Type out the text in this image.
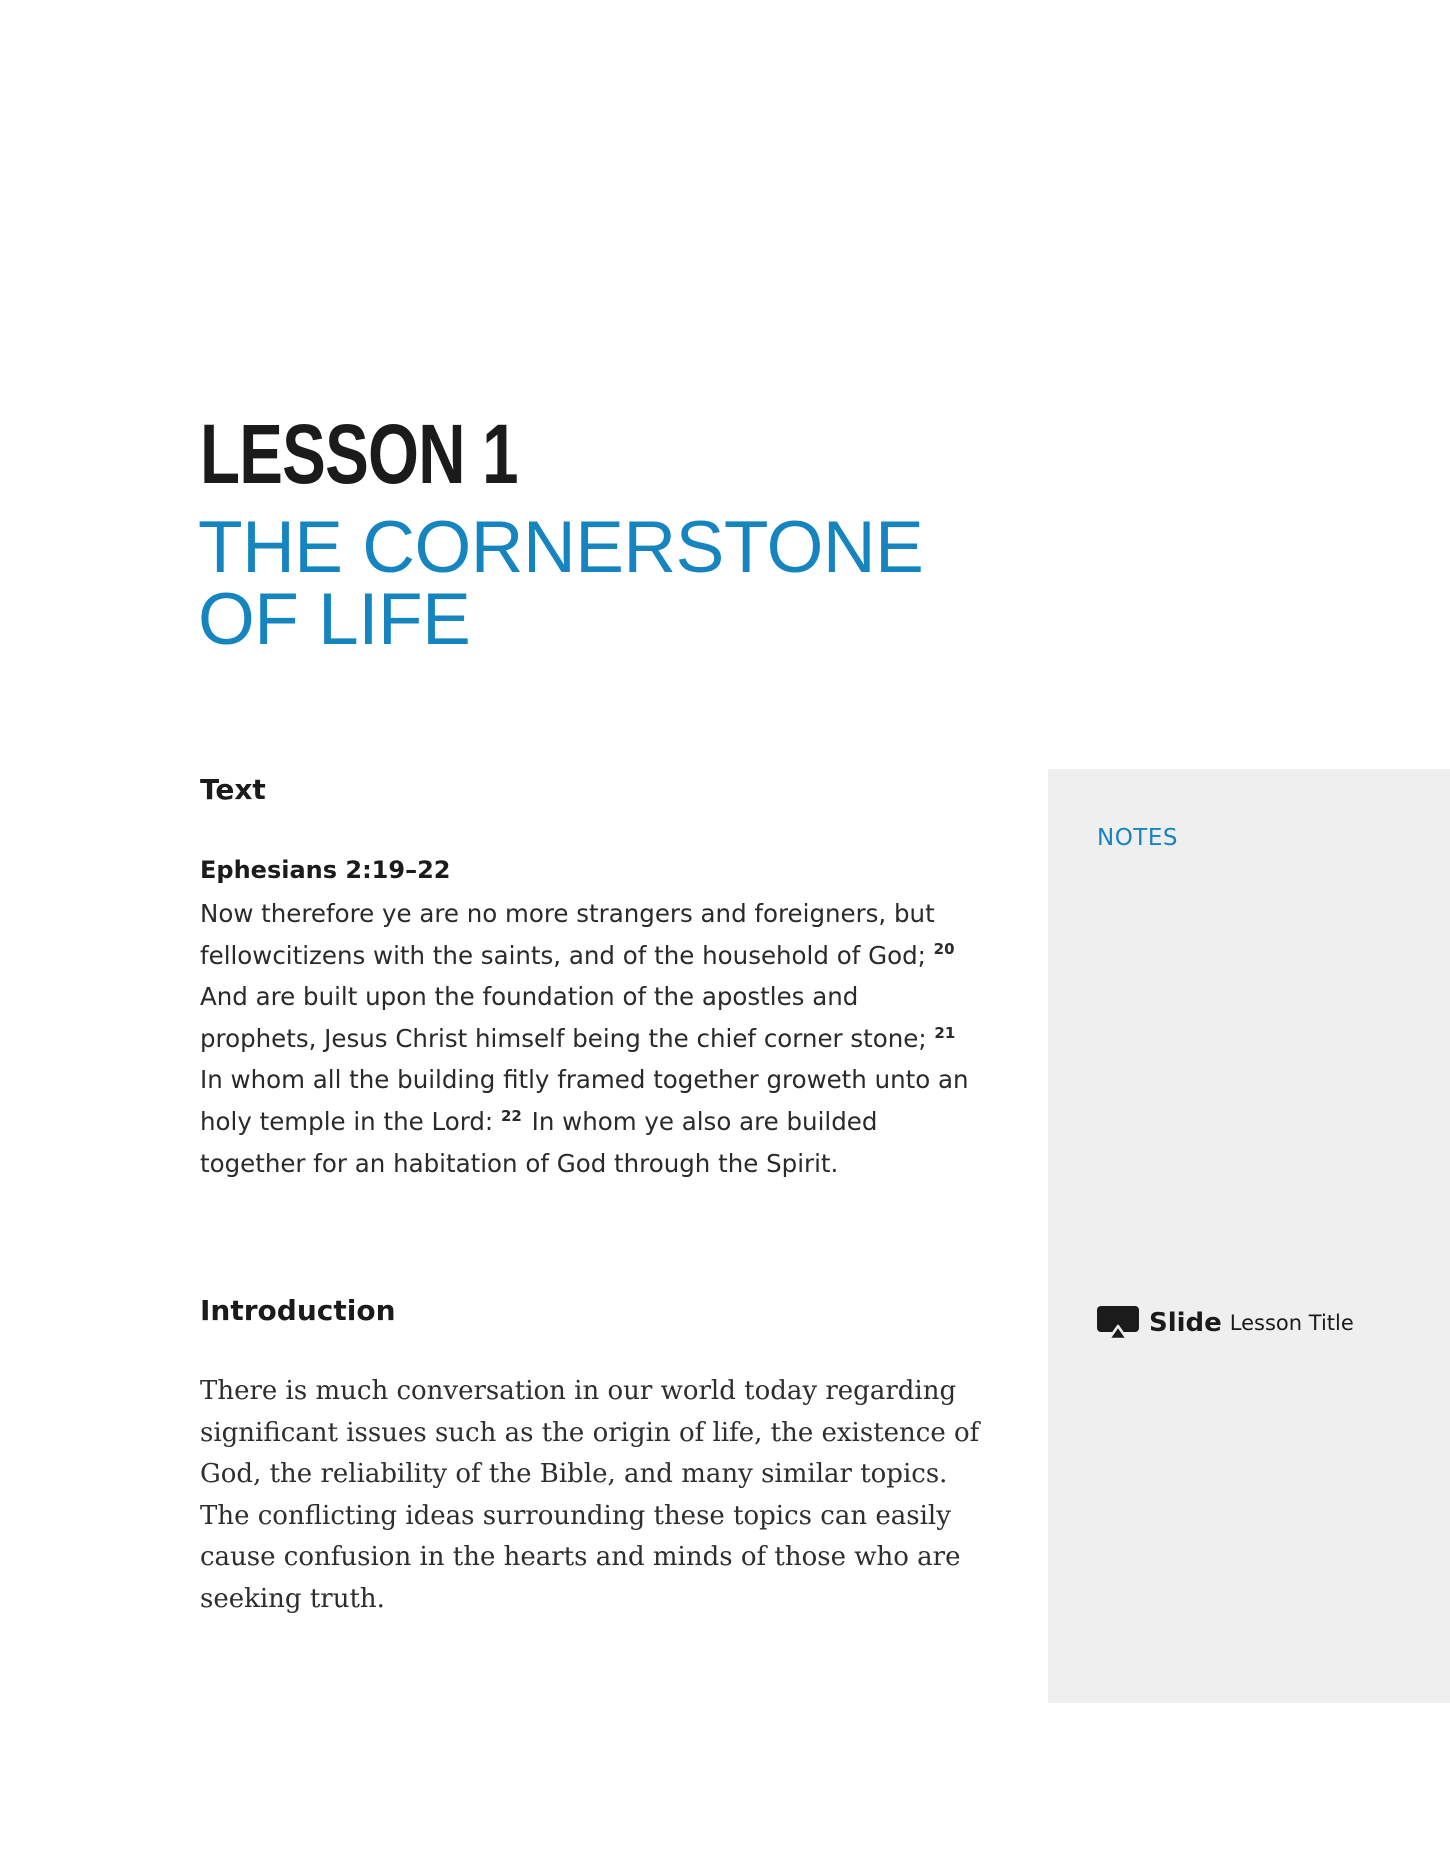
LESSON 1
THE CORNERSTONE
OF LIFE
Text
Ephesians 2:19–22

Now therefore ye are no more strangers and foreigners, but fellowcitizens with the saints, and of the household of God; $^{20}$ And are built upon the foundation of the apostles and prophets, Jesus Christ himself being the chief corner stone; $^{21}$ In whom all the building fitly framed together groweth unto an holy temple in the Lord: $^{22}$ In whom ye also are builded together for an habitation of God through the Spirit.

Introduction

There is much conversation in our world today regarding significant issues such as the origin of life, the existence of God, the reliability of the Bible, and many similar topics. The conflicting ideas surrounding these topics can easily cause confusion in the hearts and minds of those who are seeking truth.

NOTES
Slide Lesson Title
